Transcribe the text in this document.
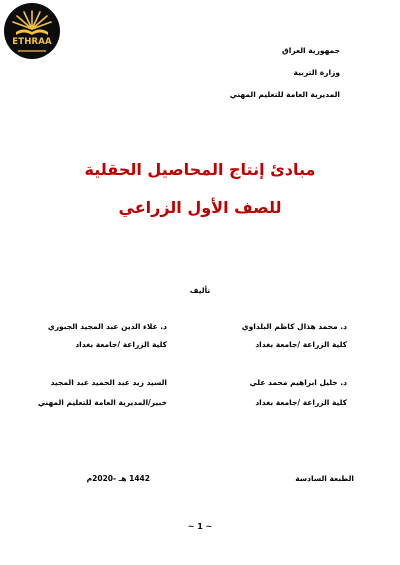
ETHRAA
جمهورية العراق
وزارة التربية
المديرية العامة للتعليم المهني
مبادئ إنتاج المحاصيل الحقلية
للصف الأول الزراعي
تأليف
د. محمد هذال كاظم البلداوي
كلية الزراعة /جامعة بغداد
د. علاء الدين عبد المجيد الجبوري
كلية الزراعة /جامعة بغداد
د. خليل ابراهيم محمد علي
كلية الزراعة /جامعة بغداد
السيد زيد عبد الحميد عبد المجيد
خبير/المديرية العامة للتعليم المهني
الطبعة السادسة
1442 هـ -2020م
~ 1 ~
